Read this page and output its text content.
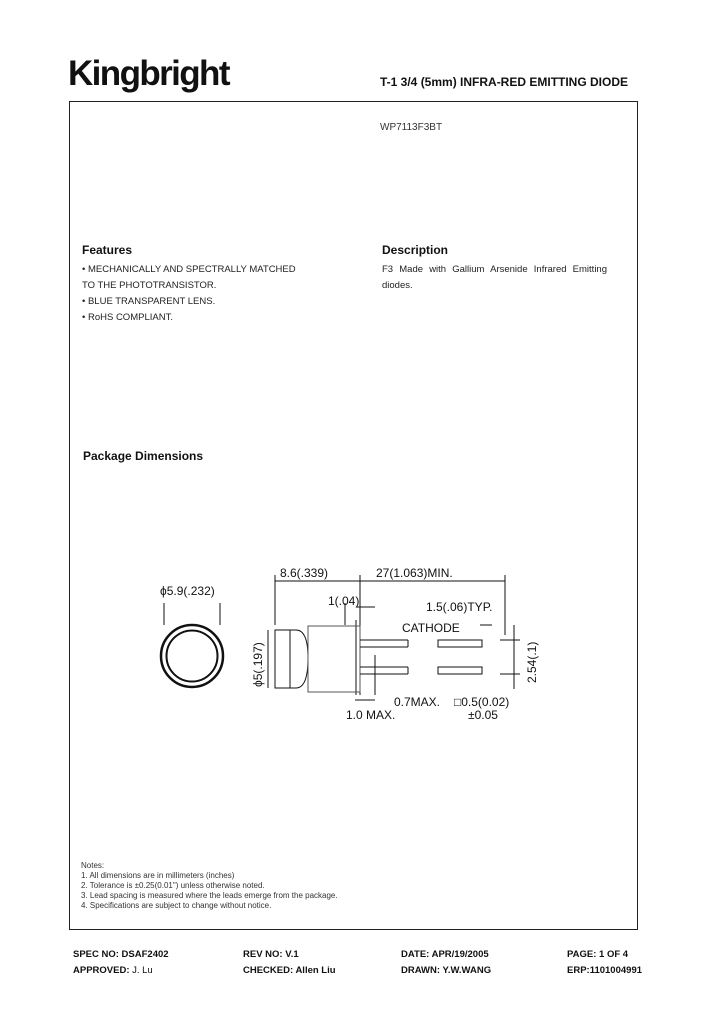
Kingbright	T-1 3/4 (5mm) INFRA-RED EMITTING DIODE
WP7113F3BT
Features
• MECHANICALLY AND SPECTRALLY MATCHED
TO THE PHOTOTRANSISTOR.
• BLUE TRANSPARENT LENS.
• RoHS COMPLIANT.
Description
F3 Made with Gallium Arsenide Infrared Emitting
diodes.
Package Dimensions
ϕ5.9(.232)
8.6(.339)	27(1.063)MIN.
1(.04)	1.5(.06)TYP.
CATHODE
0.7MAX. □0.5(0.02)
±0.05
1.0 MAX.
ϕ5(.197)	2.54(.1)
Notes:
1. All dimensions are in millimeters (inches)
2. Tolerance is ±0.25(0.01") unless otherwise noted.
3. Lead spacing is measured where the leads emerge from the package.
4. Specifications are subject to change without notice.
SPEC NO: DSAF2402	REV NO: V.1	DATE: APR/19/2005	PAGE: 1 OF 4
APPROVED: J. Lu	CHECKED: Allen Liu	DRAWN: Y.W.WANG	ERP:1101004991
